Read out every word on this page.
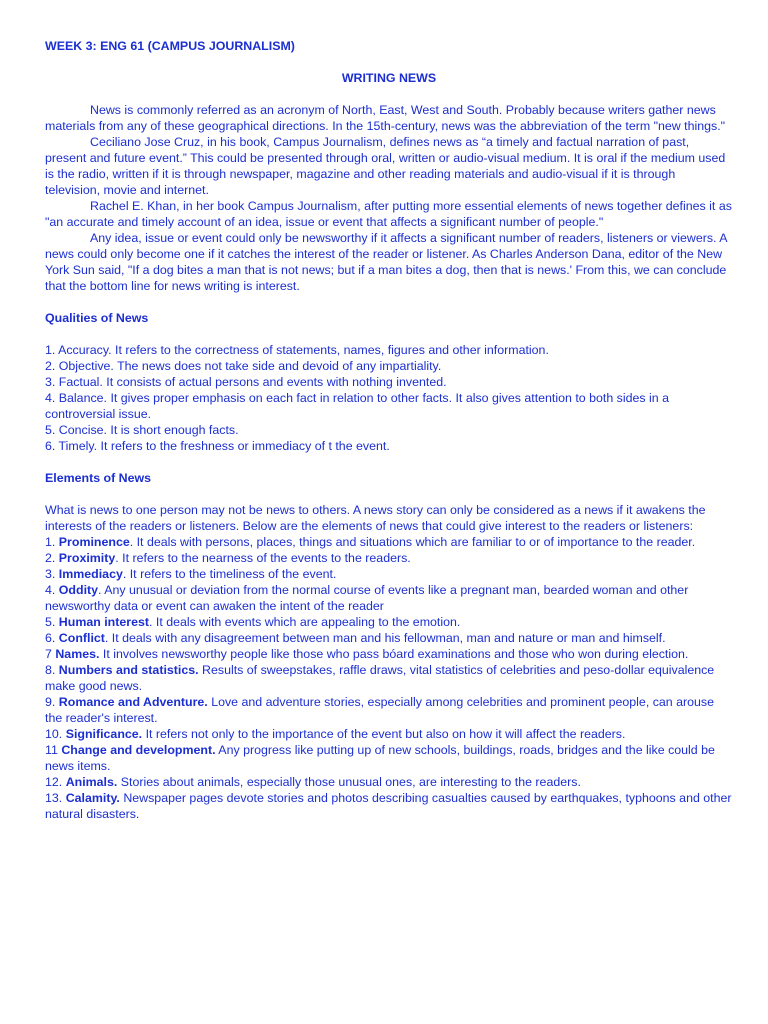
WEEK 3: ENG 61 (CAMPUS JOURNALISM)

WRITING NEWS

News is commonly referred as an acronym of North, East, West and South. Probably because writers gather news materials from any of these geographical directions. In the 15th-century, news was the abbreviation of the term "new things."

Ceciliano Jose Cruz, in his book, Campus Journalism, defines news as “a timely and factual narration of past, present and future event.” This could be presented through oral, written or audio-visual medium. It is oral if the medium used is the radio, written if it is through newspaper, magazine and other reading materials and audio-visual if it is through television, movie and internet.

Rachel E. Khan, in her book Campus Journalism, after putting more essential elements of news together defines it as "an accurate and timely account of an idea, issue or event that affects a significant number of people."

Any idea, issue or event could only be newsworthy if it affects a significant number of readers, listeners or viewers. A news could only become one if it catches the interest of the reader or listener. As Charles Anderson Dana, editor of the New York Sun said, "If a dog bites a man that is not news; but if a man bites a dog, then that is news.' From this, we can conclude that the bottom line for news writing is interest.

Qualities of News

1. Accuracy. It refers to the correctness of statements, names, figures and other information.
2. Objective. The news does not take side and devoid of any impartiality.
3. Factual. It consists of actual persons and events with nothing invented.
4. Balance. It gives proper emphasis on each fact in relation to other facts. It also gives attention to both sides in a controversial issue.
5. Concise. It is short enough facts.
6. Timely. It refers to the freshness or immediacy of t the event.

Elements of News

What is news to one person may not be news to others. A news story can only be considered as a news if it awakens the interests of the readers or listeners. Below are the elements of news that could give interest to the readers or listeners:

1. Prominence. It deals with persons, places, things and situations which are familiar to or of importance to the reader.
2. Proximity. It refers to the nearness of the events to the readers.
3. Immediacy. It refers to the timeliness of the event.
4. Oddity. Any unusual or deviation from the normal course of events like a pregnant man, bearded woman and other newsworthy data or event can awaken the intent of the reader
5. Human interest. It deals with events which are appealing to the emotion.
6. Conflict. It deals with any disagreement between man and his fellowman, man and nature or man and himself.
7 Names. It involves newsworthy people like those who pass bóard examinations and those who won during election.
8. Numbers and statistics. Results of sweepstakes, raffle draws, vital statistics of celebrities and peso-dollar equivalence make good news.
9. Romance and Adventure. Love and adventure stories, especially among celebrities and prominent people, can arouse the reader's interest.
10. Significance. It refers not only to the importance of the event but also on how it will affect the readers.
11 Change and development. Any progress like putting up of new schools, buildings, roads, bridges and the like could be news items.
12. Animals. Stories about animals, especially those unusual ones, are interesting to the readers.
13. Calamity. Newspaper pages devote stories and photos describing casualties caused by earthquakes, typhoons and other natural disasters.
